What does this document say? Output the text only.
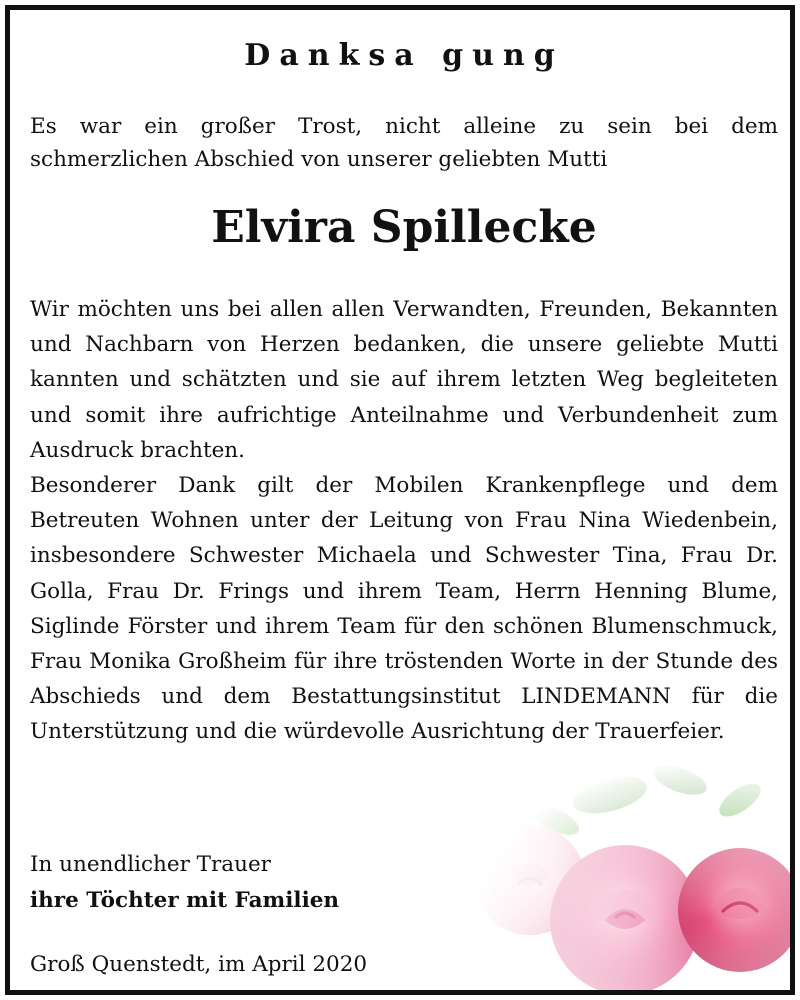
Danksa gung
Es war ein großer Trost, nicht alleine zu sein bei dem schmerzlichen Abschied von unserer geliebten Mutti
Elvira Spillecke

Wir möchten uns bei allen allen Verwandten, Freunden, Bekannten und Nachbarn von Herzen bedanken, die unsere geliebte Mutti kannten und schätzten und sie auf ihrem letzten Weg begleiteten und somit ihre aufrichtige Anteilnahme und Verbundenheit zum Ausdruck brachten.

Besonderer Dank gilt der Mobilen Krankenpflege und dem Betreuten Wohnen unter der Leitung von Frau Nina Wiedenbein, insbesondere Schwester Michaela und Schwester Tina, Frau Dr. Golla, Frau Dr. Frings und ihrem Team, Herrn Henning Blume, Siglinde Förster und ihrem Team für den schönen Blumenschmuck, Frau Monika Großheim für ihre tröstenden Worte in der Stunde des Abschieds und dem Bestattungsinstitut LINDEMANN für die Unterstützung und die würdevolle Ausrichtung der Trauerfeier.

In unendlicher Trauer
ihre Töchter mit Familien
Groß Quenstedt, im April 2020
